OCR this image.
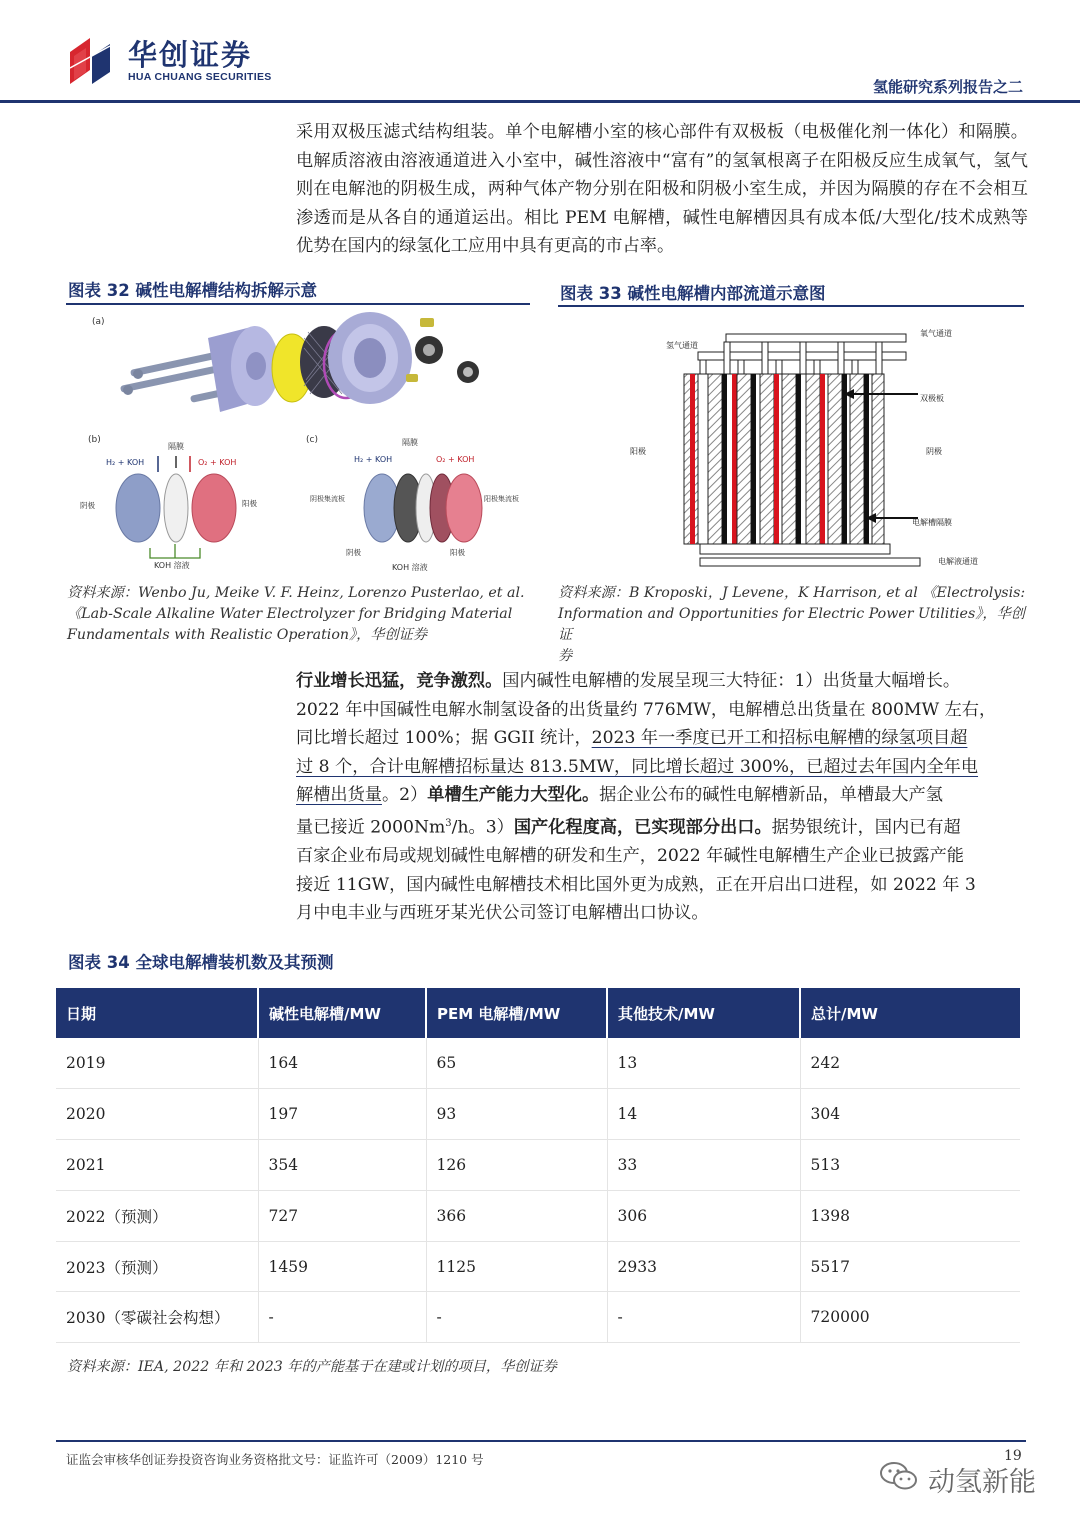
华创证券
HUA CHUANG SECURITIES
氢能研究系列报告之二
采用双极压滤式结构组装。单个电解槽小室的核心部件有双极板（电极催化剂一体化）和隔膜。电解质溶液由溶液通道进入小室中，碱性溶液中“富有”的氢氧根离子在阳极反应生成氧气，氢气则在电解池的阴极生成，两种气体产物分别在阳极和阴极小室生成，并因为隔膜的存在不会相互渗透而是从各自的通道运出。相比 PEM 电解槽，碱性电解槽因具有成本低/大型化/技术成熟等优势在国内的绿氢化工应用中具有更高的市占率。
图表 32 碱性电解槽结构拆解示意
(a)
(b)
隔膜
H₂ + KOH	O₂ + KOH
阴极	阳极
KOH 溶液
(c)	隔膜
H₂ + KOH	O₂ + KOH
阴极集流板	阳极集流板
阴极	阳极
KOH 溶液
资料来源：Wenbo Ju, Meike V. F. Heinz, Lorenzo Pusterlao, et al.
《Lab-Scale Alkaline Water Electrolyzer for Bridging Material
Fundamentals with Realistic Operation》，华创证券
图表 33 碱性电解槽内部流道示意图
氧气通道
氢气通道
双极板
阳极	阴极
电解槽隔膜
电解液通道
资料来源：B Kroposki，J Levene，K Harrison, et al 《Electrolysis:
Information and Opportunities for Electric Power Utilities》，华创证
券
行业增长迅猛，竞争激烈。国内碱性电解槽的发展呈现三大特征：1）出货量大幅增长。
2022 年中国碱性电解水制氢设备的出货量约 776MW，电解槽总出货量在 800MW 左右，
同比增长超过 100%；据 GGII 统计，2023 年一季度已开工和招标电解槽的绿氢项目超
过 8 个，合计电解槽招标量达 813.5MW，同比增长超过 300%，已超过去年国内全年电
解槽出货量。2）单槽生产能力大型化。据企业公布的碱性电解槽新品，单槽最大产氢
量已接近 2000Nm$^3$/h。3）国产化程度高，已实现部分出口。据势银统计，国内已有超
百家企业布局或规划碱性电解槽的研发和生产，2022 年碱性电解槽生产企业已披露产能
接近 11GW，国内碱性电解槽技术相比国外更为成熟，正在开启出口进程，如 2022 年 3
月中电丰业与西班牙某光伏公司签订电解槽出口协议。
图表 34 全球电解槽装机数及其预测
日期	碱性电解槽/MW	PEM 电解槽/MW	其他技术/MW	总计/MW
2019	164	65	13	242
2020	197	93	14	304
2021	354	126	33	513
2022（预测）	727	366	306	1398
2023（预测）	1459	1125	2933	5517
2030（零碳社会构想）	-	-	-	720000
资料来源：IEA, 2022 年和 2023 年的产能基于在建或计划的项目，华创证券
证监会审核华创证券投资咨询业务资格批文号：证监许可（2009）1210 号	19
动氢新能
